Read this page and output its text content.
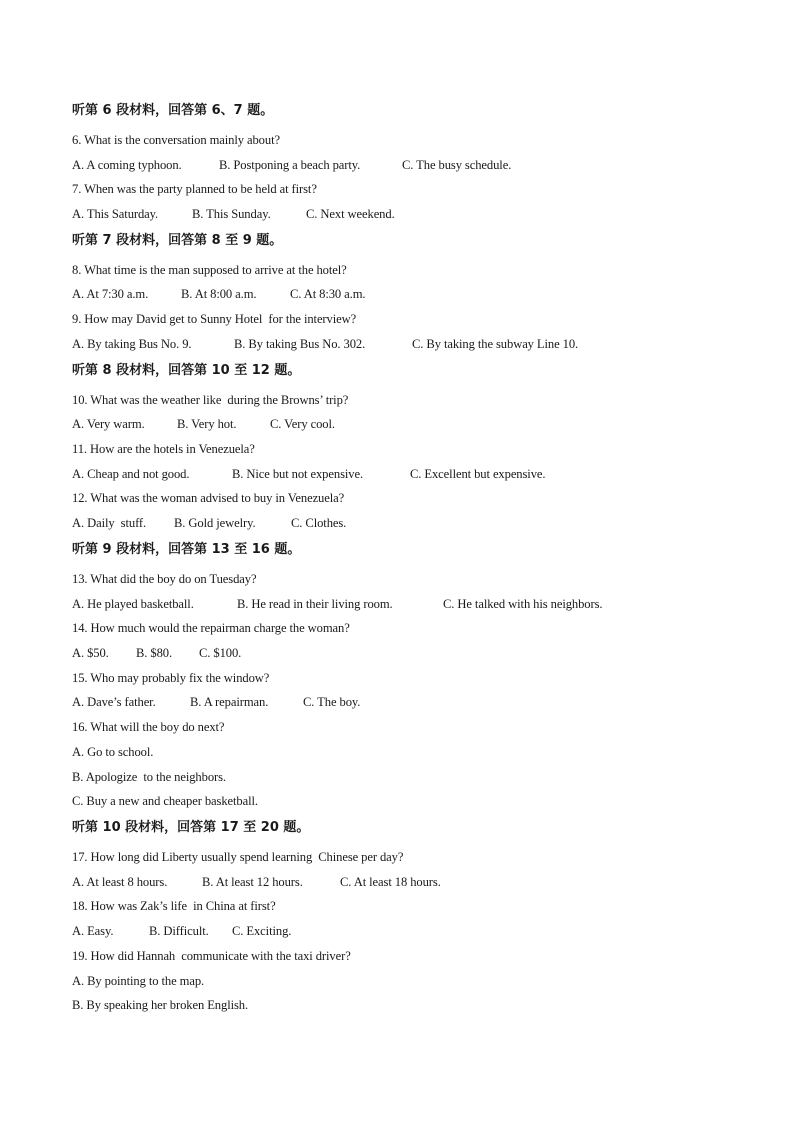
听第 6 段材料，回答第 6、7 题。
6. What is the conversation mainly about?

A. A coming typhoon.

	B. Postponing a beach party.

	C. The busy schedule.

7. When was the party planned to be held at first?

A. This Saturday.

	B. This Sunday.

	C. Next weekend.

听第 7 段材料，回答第 8 至 9 题。
8. What time is the man supposed to arrive at the hotel?

A. At 7:30 a.m.

	B. At 8:00 a.m.

	C. At 8:30 a.m.

9. How may David get to Sunny Hotel  for the interview?

A. By taking Bus No. 9.

	B. By taking Bus No. 302.

	C. By taking the subway Line 10.

听第 8 段材料，回答第 10 至 12 题。
10. What was the weather like  during the Browns’ trip?

A. Very warm.

	B. Very hot.

	C. Very cool.

11. How are the hotels in Venezuela?

A. Cheap and not good.

	B. Nice but not expensive.

	C. Excellent but expensive.

12. What was the woman advised to buy in Venezuela?

A. Daily  stuff.

B. Gold jewelry.

	C. Clothes.

听第 9 段材料，回答第 13 至 16 题。
13. What did the boy do on Tuesday?

A. He played basketball.

	B. He read in their living room.

	C. He talked with his neighbors.

14. How much would the repairman charge the woman?

A. $50.

B. $80.

C. $100.

15. Who may probably fix the window?

A. Dave’s father.

	B. A repairman.

	C. The boy.

16. What will the boy do next?
A. Go to school.
B. Apologize  to the neighbors.
C. Buy a new and cheaper basketball.
听第 10 段材料，回答第 17 至 20 题。
17. How long did Liberty usually spend learning  Chinese per day?

A. At least 8 hours.

	B. At least 12 hours.

	C. At least 18 hours.

18. How was Zak’s life  in China at first?

A. Easy.

	B. Difficult.

C. Exciting.

19. How did Hannah  communicate with the taxi driver?
A. By pointing to the map.
B. By speaking her broken English.
